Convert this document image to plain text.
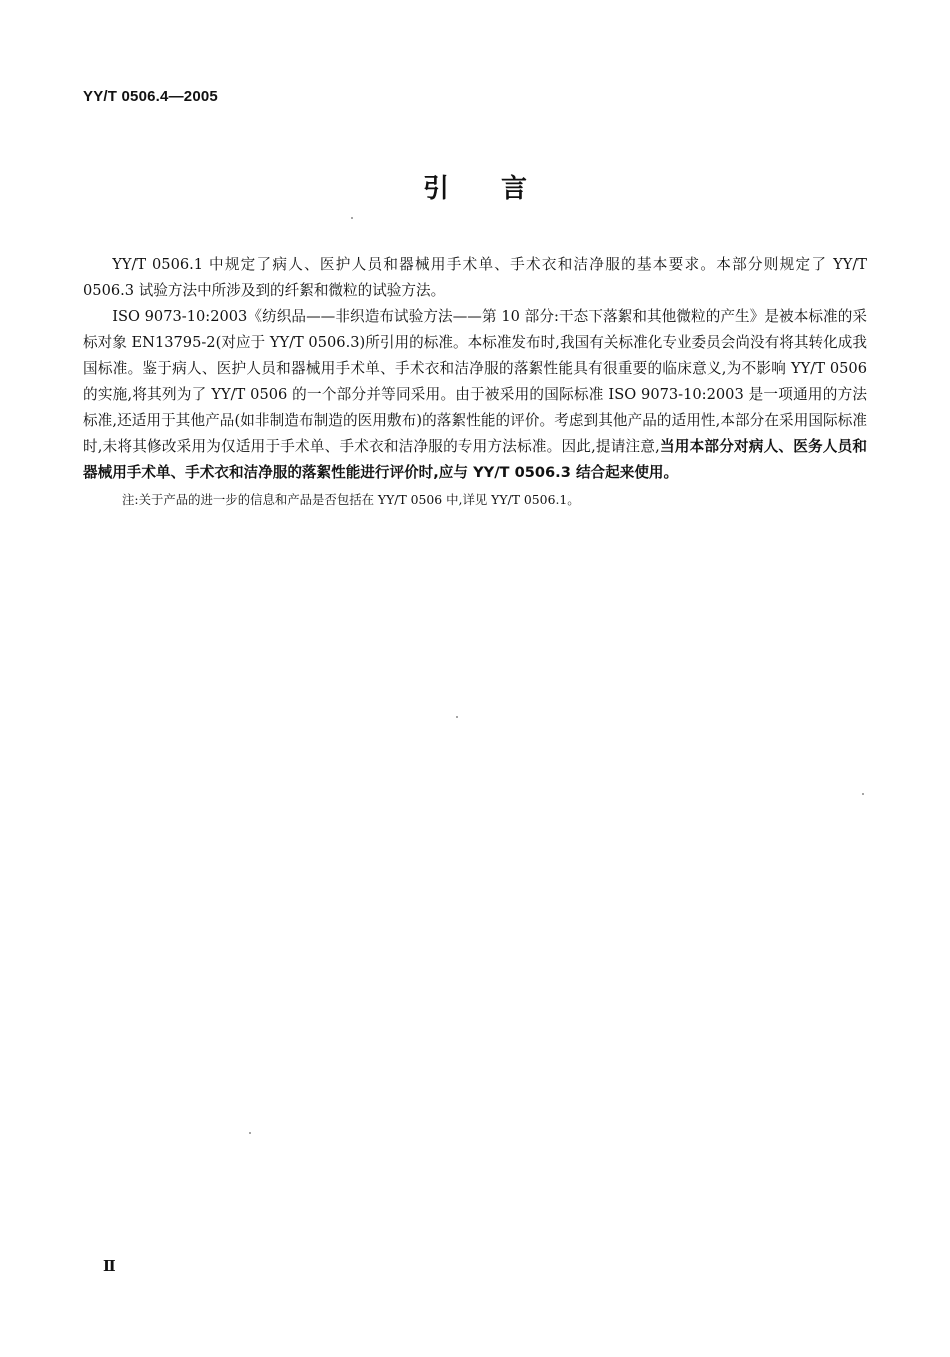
YY/T 0506.4—2005
引言

YY/T 0506.1 中规定了病人、医护人员和器械用手术单、手术衣和洁净服的基本要求。本部分则规定了 YY/T 0506.3 试验方法中所涉及到的纤絮和微粒的试验方法。

ISO 9073-10:2003《纺织品——非织造布试验方法——第 10 部分:干态下落絮和其他微粒的产生》是被本标准的采标对象 EN13795-2(对应于 YY/T 0506.3)所引用的标准。本标准发布时,我国有关标准化专业委员会尚没有将其转化成我国标准。鉴于病人、医护人员和器械用手术单、手术衣和洁净服的落絮性能具有很重要的临床意义,为不影响 YY/T 0506 的实施,将其列为了 YY/T 0506 的一个部分并等同采用。由于被采用的国际标准 ISO 9073-10:2003 是一项通用的方法标准,还适用于其他产品(如非制造布制造的医用敷布)的落絮性能的评价。考虑到其他产品的适用性,本部分在采用国际标准时,未将其修改采用为仅适用于手术单、手术衣和洁净服的专用方法标准。因此,提请注意,当用本部分对病人、医务人员和器械用手术单、手术衣和洁净服的落絮性能进行评价时,应与 YY/T 0506.3 结合起来使用。

注:关于产品的进一步的信息和产品是否包括在 YY/T 0506 中,详见 YY/T 0506.1。

Ⅱ
